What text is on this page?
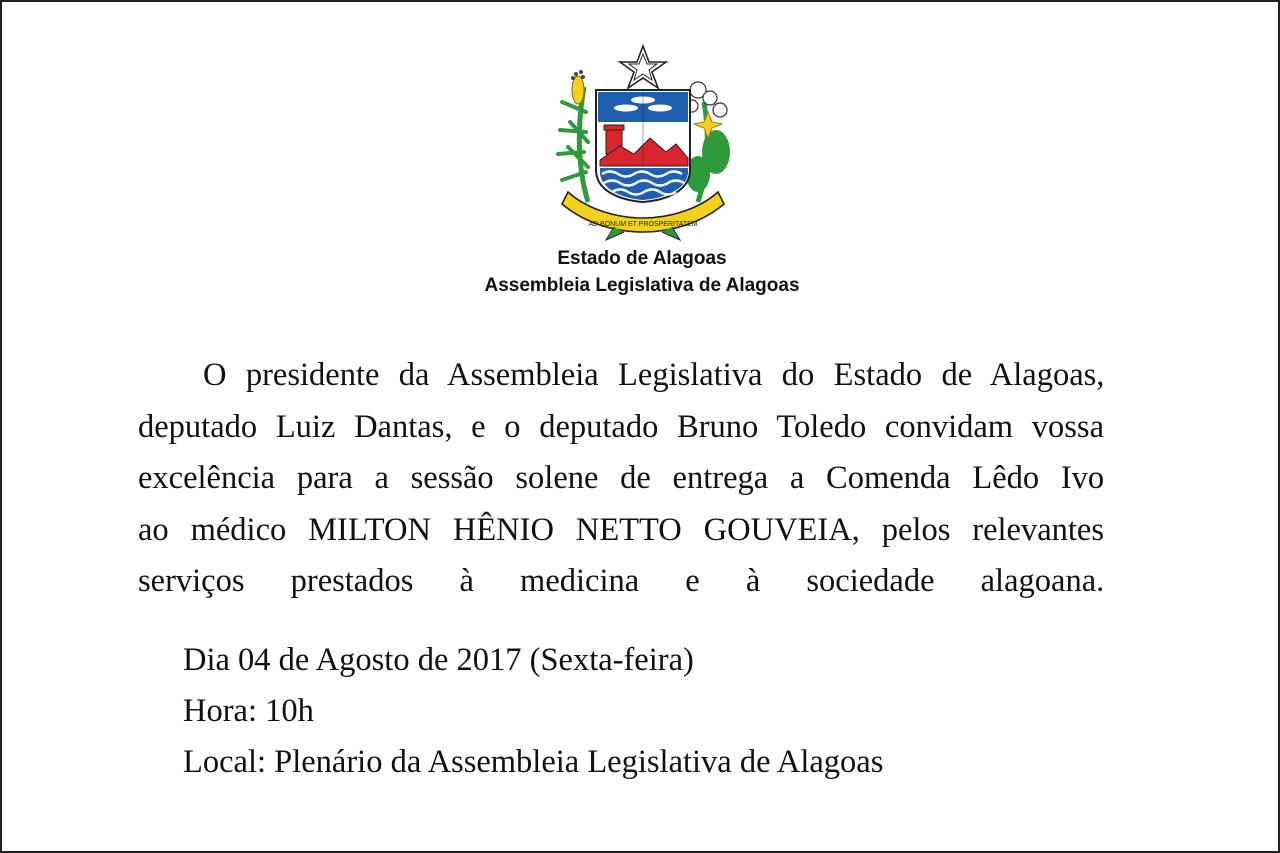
AD BONUM ET PROSPERITATEM
Estado de Alagoas
Assembleia Legislativa de Alagoas
O presidente da Assembleia Legislativa do Estado de Alagoas,
deputado Luiz Dantas, e o deputado Bruno Toledo convidam vossa
excelência para a sessão solene de entrega a Comenda Lêdo Ivo
ao médico MILTON HÊNIO NETTO GOUVEIA, pelos relevantes
serviços prestados à medicina e à sociedade alagoana.
Dia 04 de Agosto de 2017 (Sexta-feira)
Hora: 10h
Local: Plenário da Assembleia Legislativa de Alagoas
